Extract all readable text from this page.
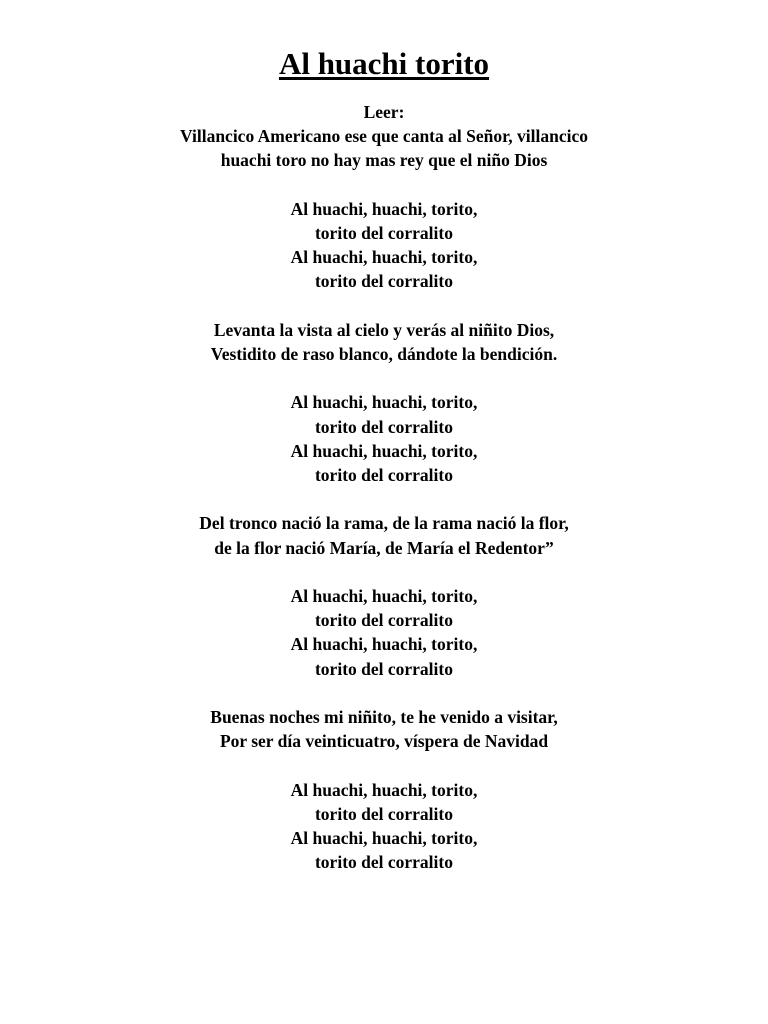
Al huachi torito
Leer:
Villancico Americano ese que canta al Señor, villancico
huachi toro no hay mas rey que el niño Dios
Al huachi, huachi, torito,
torito del corralito
Al huachi, huachi, torito,
torito del corralito
Levanta la vista al cielo y verás al niñito Dios,
Vestidito de raso blanco, dándote la bendición.
Al huachi, huachi, torito,
torito del corralito
Al huachi, huachi, torito,
torito del corralito
Del tronco nació la rama, de la rama nació la flor,
de la flor nació María, de María el Redentor”
Al huachi, huachi, torito,
torito del corralito
Al huachi, huachi, torito,
torito del corralito
Buenas noches mi niñito, te he venido a visitar,
Por ser día veinticuatro, víspera de Navidad
Al huachi, huachi, torito,
torito del corralito
Al huachi, huachi, torito,
torito del corralito
